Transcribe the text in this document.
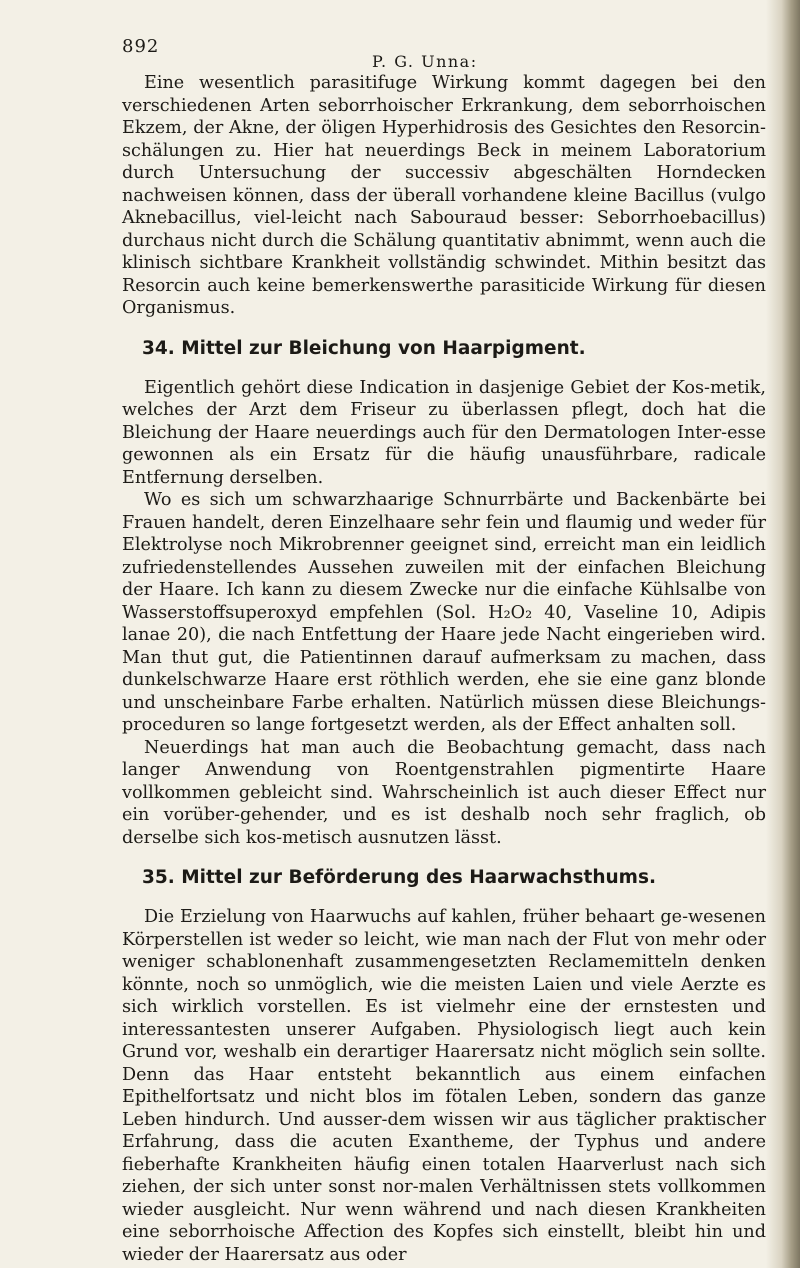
892
P. G. Unna:

Eine wesentlich parasitifuge Wirkung kommt dagegen bei den verschiedenen Arten seborrhoischer Erkrankung, dem seborrhoischen Ekzem, der Akne, der öligen Hyperhidrosis des Gesichtes den Resorcin-schälungen zu. Hier hat neuerdings Beck in meinem Laboratorium durch Untersuchung der successiv abgeschälten Horndecken nachweisen können, dass der überall vorhandene kleine Bacillus (vulgo Aknebacillus, viel-leicht nach Sabouraud besser: Seborrhoebacillus) durchaus nicht durch die Schälung quantitativ abnimmt, wenn auch die klinisch sichtbare Krankheit vollständig schwindet. Mithin besitzt das Resorcin auch keine bemerkenswerthe parasiticide Wirkung für diesen Organismus.

34. Mittel zur Bleichung von Haarpigment.

Eigentlich gehört diese Indication in dasjenige Gebiet der Kos-metik, welches der Arzt dem Friseur zu überlassen pflegt, doch hat die Bleichung der Haare neuerdings auch für den Dermatologen Inter-esse gewonnen als ein Ersatz für die häufig unausführbare, radicale Entfernung derselben.

Wo es sich um schwarzhaarige Schnurrbärte und Backenbärte bei Frauen handelt, deren Einzelhaare sehr fein und flaumig und weder für Elektrolyse noch Mikrobrenner geeignet sind, erreicht man ein leidlich zufriedenstellendes Aussehen zuweilen mit der einfachen Bleichung der Haare. Ich kann zu diesem Zwecke nur die einfache Kühlsalbe von Wasserstoffsuperoxyd empfehlen (Sol. H₂O₂ 40, Vaseline 10, Adipis lanae 20), die nach Entfettung der Haare jede Nacht eingerieben wird. Man thut gut, die Patientinnen darauf aufmerksam zu machen, dass dunkelschwarze Haare erst röthlich werden, ehe sie eine ganz blonde und unscheinbare Farbe erhalten. Natürlich müssen diese Bleichungs-proceduren so lange fortgesetzt werden, als der Effect anhalten soll.

Neuerdings hat man auch die Beobachtung gemacht, dass nach langer Anwendung von Roentgenstrahlen pigmentirte Haare vollkommen gebleicht sind. Wahrscheinlich ist auch dieser Effect nur ein vorüber-gehender, und es ist deshalb noch sehr fraglich, ob derselbe sich kos-metisch ausnutzen lässt.

35. Mittel zur Beförderung des Haarwachsthums.

Die Erzielung von Haarwuchs auf kahlen, früher behaart ge-wesenen Körperstellen ist weder so leicht, wie man nach der Flut von mehr oder weniger schablonenhaft zusammengesetzten Reclamemitteln denken könnte, noch so unmöglich, wie die meisten Laien und viele Aerzte es sich wirklich vorstellen. Es ist vielmehr eine der ernstesten und interessantesten unserer Aufgaben. Physiologisch liegt auch kein Grund vor, weshalb ein derartiger Haarersatz nicht möglich sein sollte. Denn das Haar entsteht bekanntlich aus einem einfachen Epithelfortsatz und nicht blos im fötalen Leben, sondern das ganze Leben hindurch. Und ausser-dem wissen wir aus täglicher praktischer Erfahrung, dass die acuten Exantheme, der Typhus und andere fieberhafte Krankheiten häufig einen totalen Haarverlust nach sich ziehen, der sich unter sonst nor-malen Verhältnissen stets vollkommen wieder ausgleicht. Nur wenn während und nach diesen Krankheiten eine seborrhoische Affection des Kopfes sich einstellt, bleibt hin und wieder der Haarersatz aus oder
